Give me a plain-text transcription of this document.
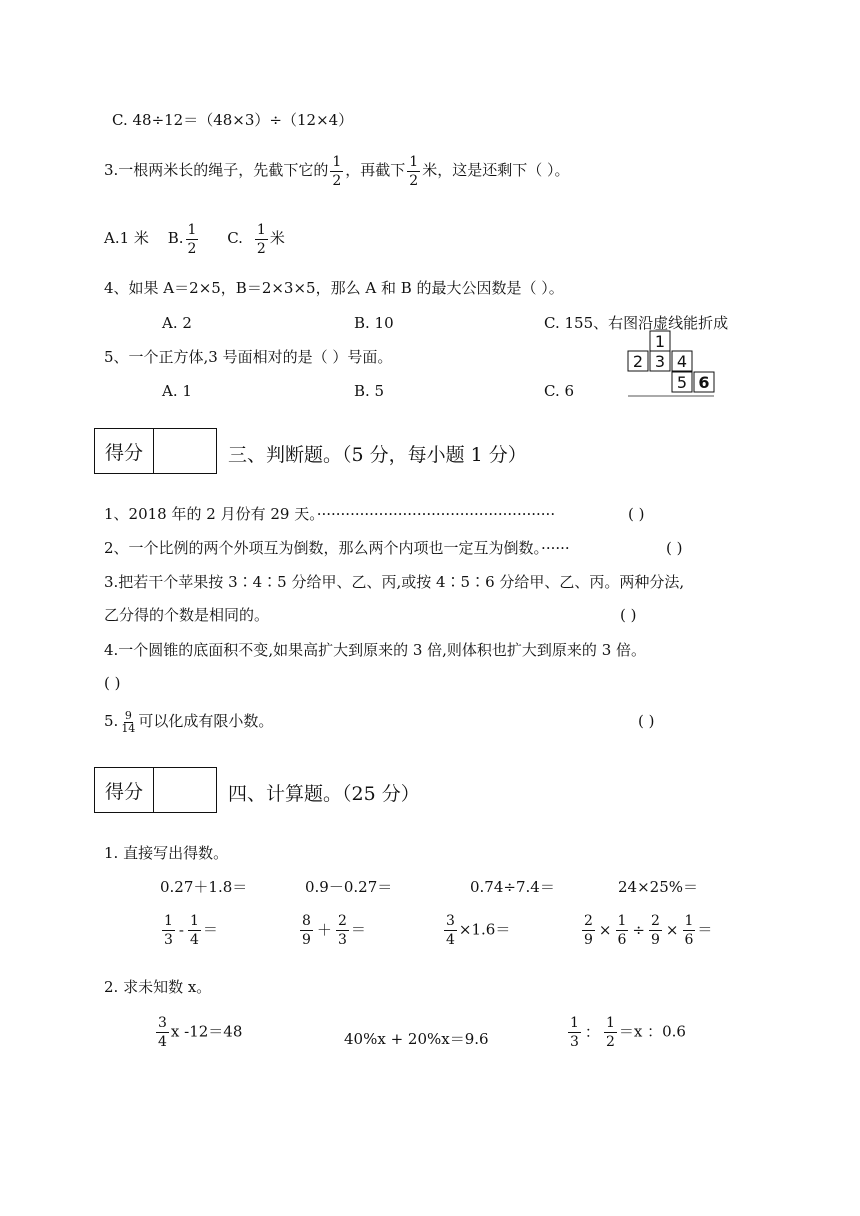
C. 48÷12＝（48×3）÷（12×4）
3.一根两米长的绳子，先截下它的 $\frac{1}{2}$ ，再截下 $\frac{1}{2}$ 米，这是还剩下（ ）。
A.1 米 B. $\frac{1}{2} C$. $\frac{1}{2}$ 米
4、如果 A＝2×5，B＝2×3×5，那么 A 和 B 的最大公因数是（ ）。
A. 2	B. 10	C. 155、右图沿虚线能折成
5、一个正方体,3 号面相对的是（ ）号面。
A. 1	B. 5	C. 6
1
2 3 4
5 6
得分	三、判断题。（5 分，每小题 1 分）
1、2018 年的 2 月份有 29 天。··················································	( )
2、一个比例的两个外项互为倒数，那么两个内项也一定互为倒数。······	( )
3.把若干个苹果按 3∶4∶5 分给甲、乙、丙,或按 4∶5∶6 分给甲、乙、丙。两种分法,
乙分得的个数是相同的。	( )
4.一个圆锥的底面积不变,如果高扩大到原来的 3 倍,则体积也扩大到原来的 3 倍。
( )
5. $\frac{9}{14}$ 可以化成有限小数。	( )
得分	四、计算题。（25 分）
1. 直接写出得数。
0.27＋1.8＝	0.9－0.27＝	0.74÷7.4＝	24×25%＝
$\frac{1}{3} - \frac{1}{4}$ ＝	$\frac{8}{9} + \frac{2}{3}$ ＝	$\frac{3}{4} \times 1.6=$	$\frac{2}{9} \times \frac{1}{6} \div \frac{2}{9} \times \frac{1}{6}$ ＝
2. 求未知数 x。
$\frac{3}{4}$ x -12＝48	40%x + 20%x＝9.6	$\frac{1}{3}$ ： $\frac{1}{2} =x$ ：0.6
